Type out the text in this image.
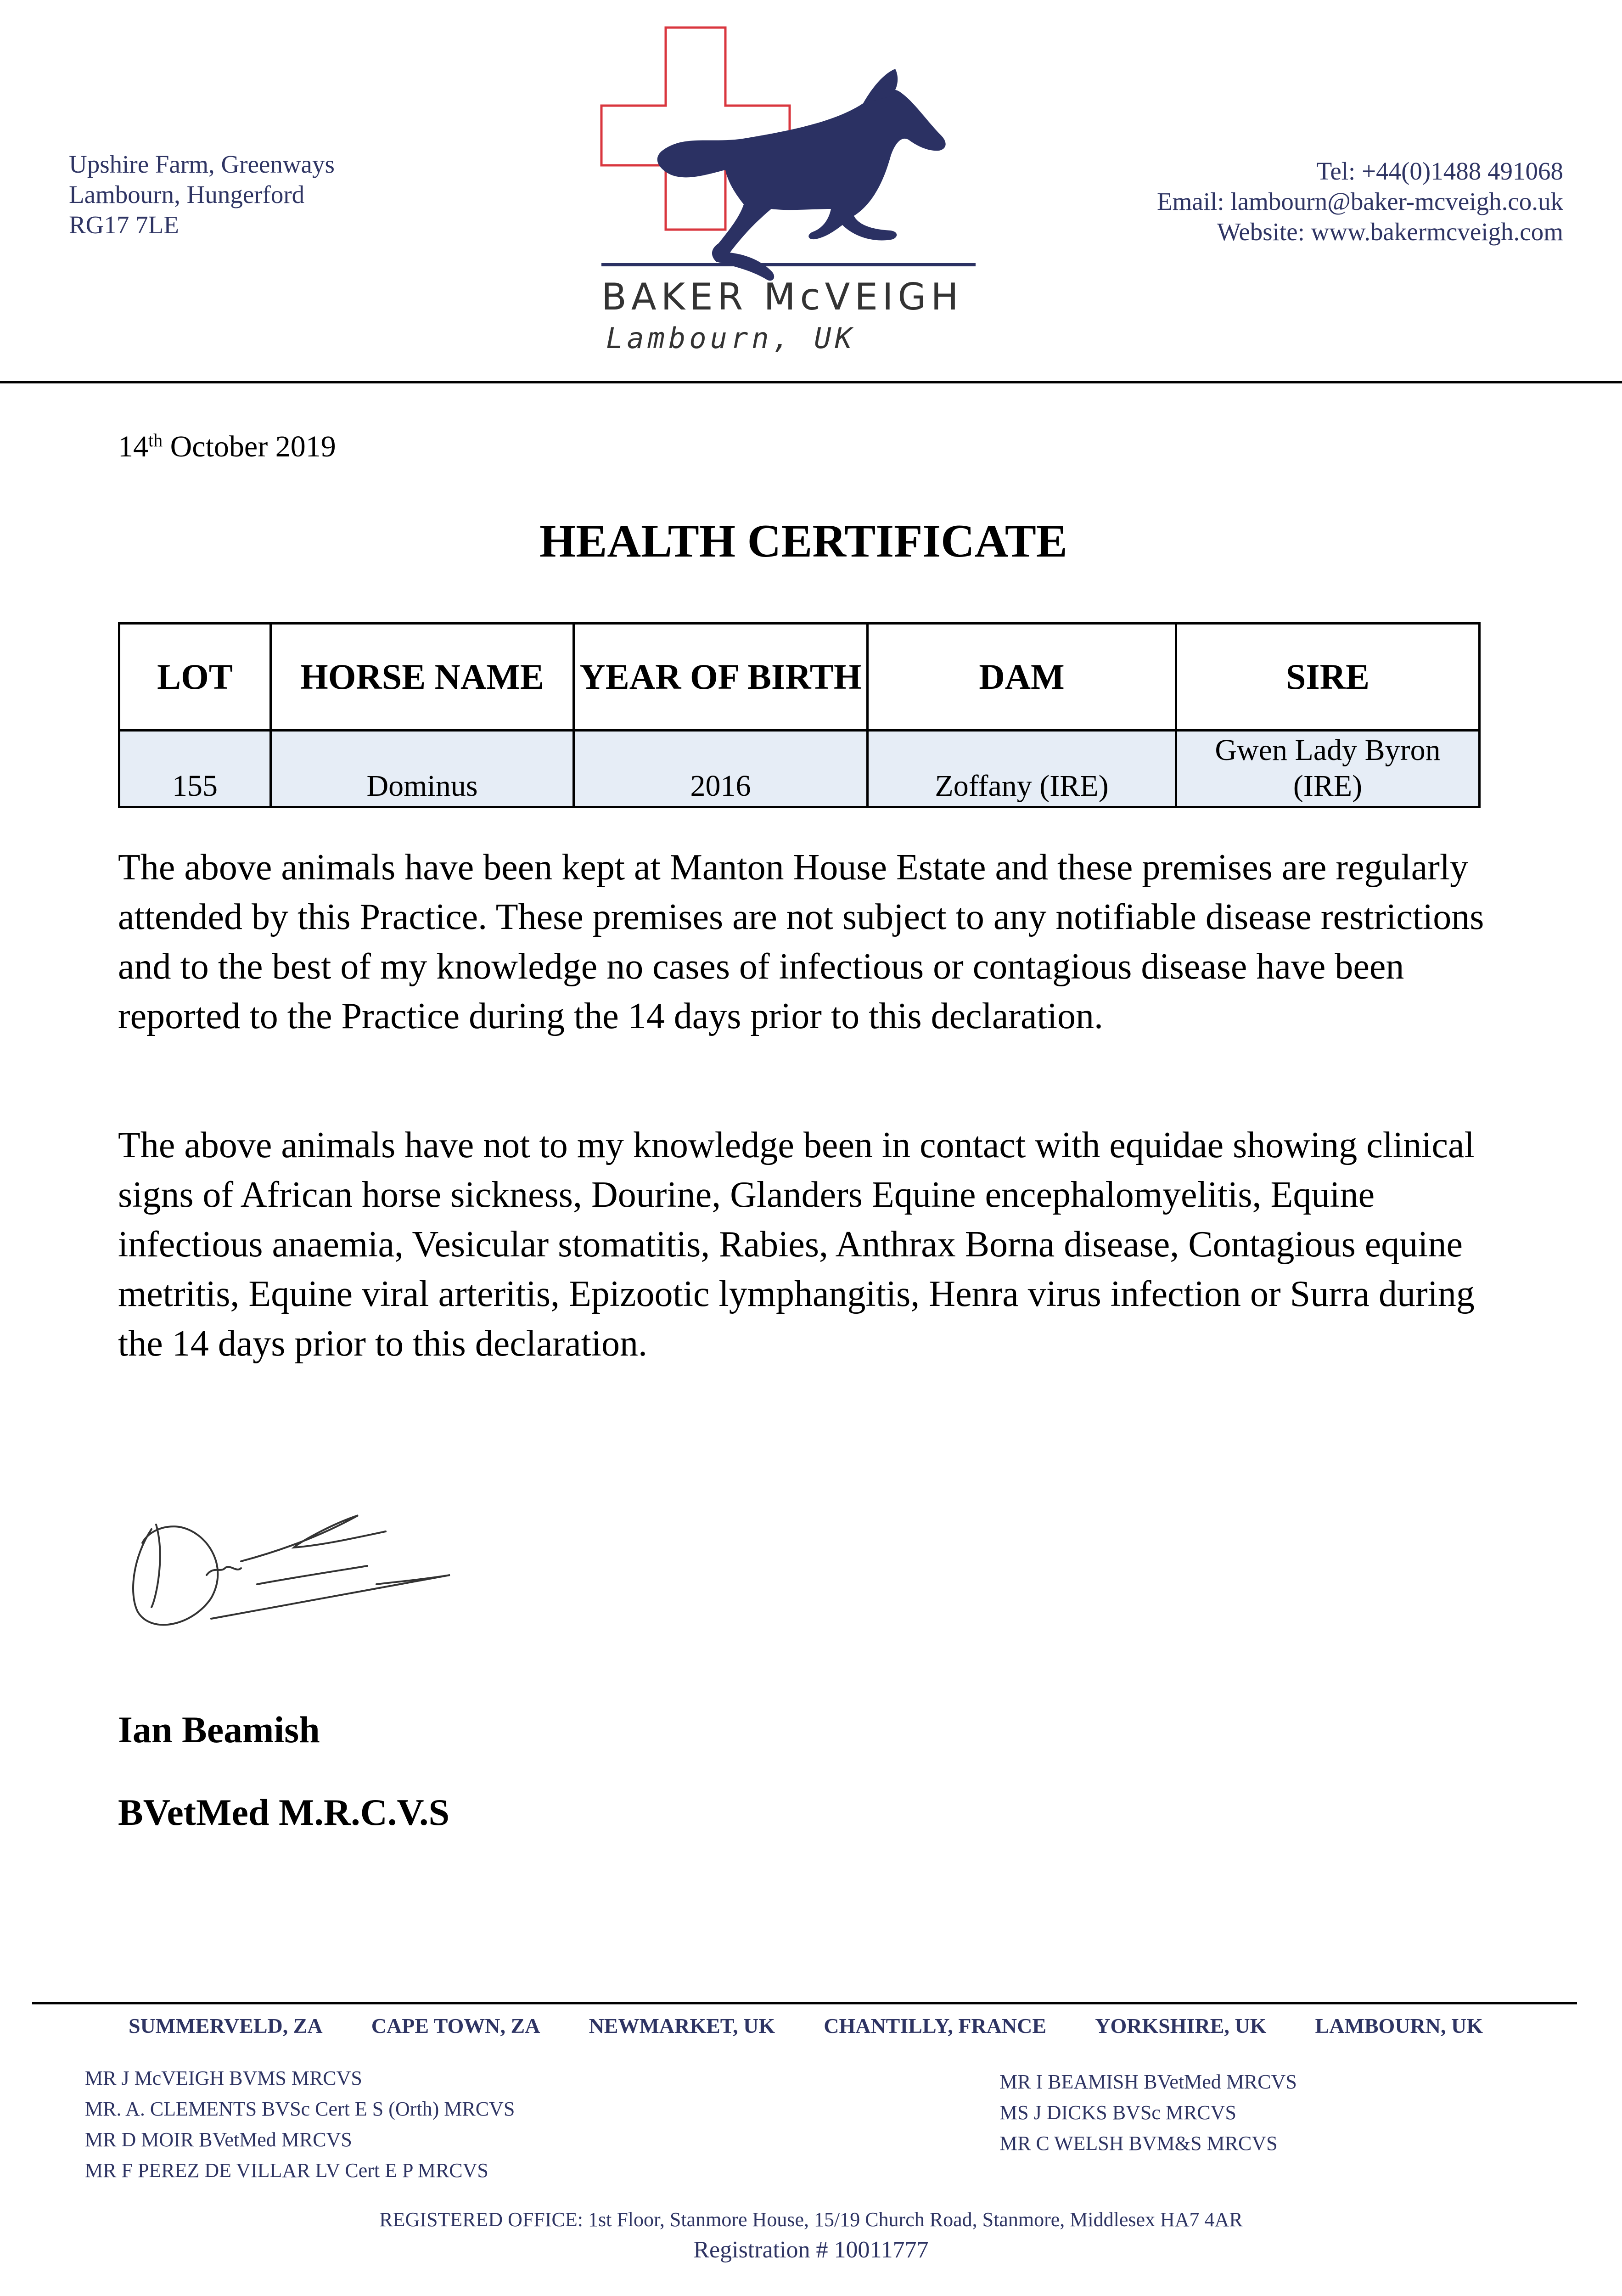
Upshire Farm, Greenways
Lambourn, Hungerford
RG17 7LE
BAKER McVEIGH
Lambourn, UK
Tel: +44(0)1488 491068
Email: lambourn@baker-mcveigh.co.uk
Website: www.bakermcveigh.com
14th October 2019
HEALTH CERTIFICATE
LOT	HORSE NAME	YEAR OF BIRTH	DAM	SIRE
155	Dominus	2016	Zoffany (IRE)	Gwen Lady Byron (IRE)
The above animals have been kept at Manton House Estate and these premises are regularly attended by this Practice. These premises are not subject to any notifiable disease restrictions and to the best of my knowledge no cases of infectious or contagious disease have been reported to the Practice during the 14 days prior to this declaration.
The above animals have not to my knowledge been in contact with equidae showing clinical signs of African horse sickness, Dourine, Glanders Equine encephalomyelitis, Equine infectious anaemia, Vesicular stomatitis, Rabies, Anthrax Borna disease, Contagious equine metritis, Equine viral arteritis, Epizootic lymphangitis, Henra virus infection or Surra during the 14 days prior to this declaration.
Ian Beamish
BVetMed M.R.C.V.S
SUMMERVELD, ZA CAPE TOWN, ZA NEWMARKET, UK CHANTILLY, FRANCE YORKSHIRE, UK LAMBOURN, UK
MR J McVEIGH BVMS MRCVS
MR. A. CLEMENTS BVSc Cert E S (Orth) MRCVS
MR D MOIR BVetMed MRCVS
MR F PEREZ DE VILLAR LV Cert E P MRCVS
MR I BEAMISH BVetMed MRCVS
MS J DICKS BVSc MRCVS
MR C WELSH BVM&S MRCVS
REGISTERED OFFICE: 1st Floor, Stanmore House, 15/19 Church Road, Stanmore, Middlesex HA7 4AR
Registration # 10011777
